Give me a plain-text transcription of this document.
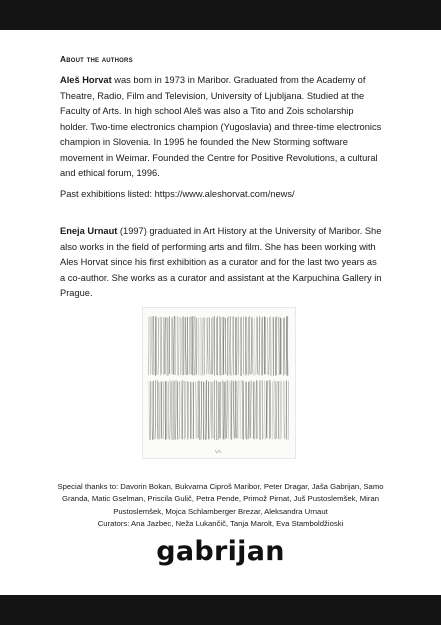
About the authors

Aleš Horvat was born in 1973 in Maribor. Graduated from the Academy of Theatre, Radio, Film and Television, University of Ljubljana. Studied at the Faculty of Arts. In high school Aleš was also a Tito and Zois scholarship holder. Two-time electronics champion (Yugoslavia) and three-time electronics champion in Slovenia. In 1995 he founded the New Storming software movement in Weimar. Founded the Centre for Positive Revolutions, a cultural and ethical forum, 1996.

Past exhibitions listed: https://www.aleshorvat.com/news/

Eneja Urnaut (1997) graduated in Art History at the University of Maribor. She also works in the field of performing arts and film. She has been working with Ales Horvat since his first exhibition as a curator and for the last two years as a co-author. She works as a curator and assistant at the Karpuchina Gallery in Prague.

Special thanks to: Davorin Bokan, Bukvarna Ciproš Maribor, Peter Dragar, Jaša Gabrijan, Samo Granda, Matic Gselman, Priscila Gulič, Petra Pende, Primož Pirnat, Juš Pustoslemšek, Miran Pustoslemšek, Mojca Schlamberger Brezar, Aleksandra Urnaut

Curators: Ana Jazbec, Neža Lukančič, Tanja Marolt, Eva Stamboldžioski

gabrijan
